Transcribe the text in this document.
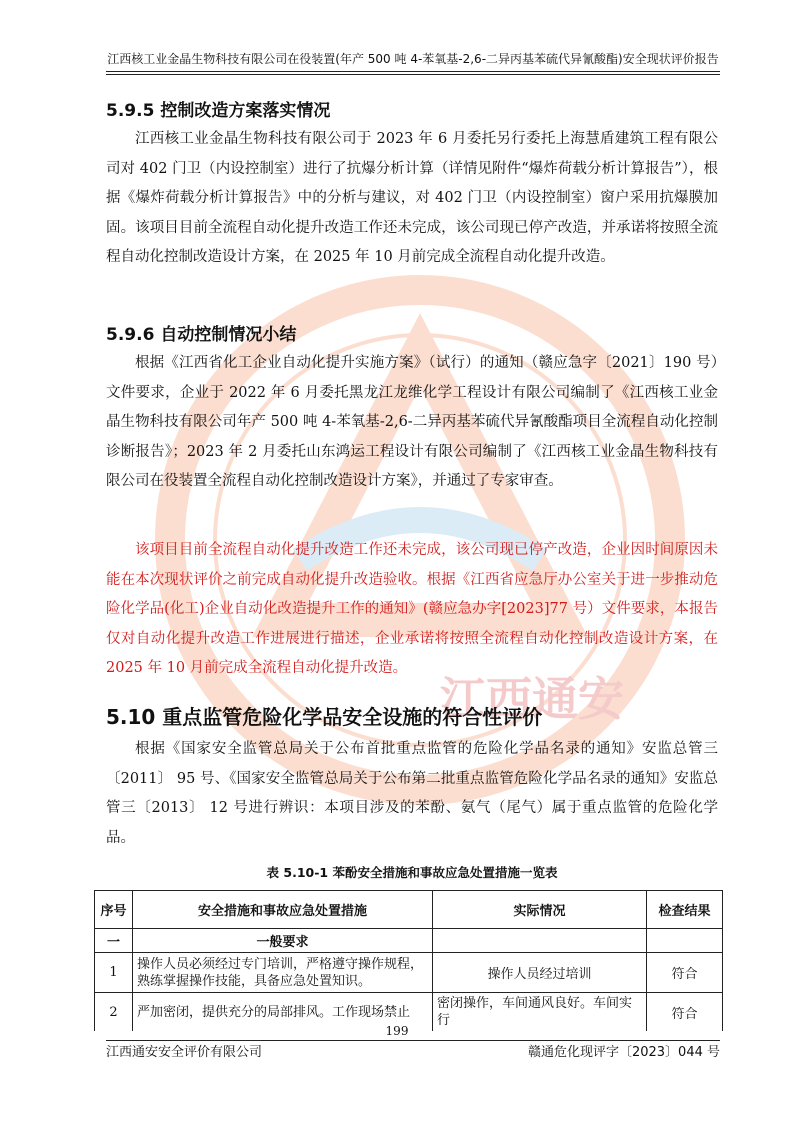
江西通安
江西核工业金晶生物科技有限公司在役装置(年产 500 吨 4-苯氧基-2,6-二异丙基苯硫代异氰酸酯)安全现状评价报告
5.9.5 控制改造方案落实情况

江西核工业金晶生物科技有限公司于 2023 年 6 月委托另行委托上海慧盾建筑工程有限公司对 402 门卫（内设控制室）进行了抗爆分析计算（详情见附件“爆炸荷载分析计算报告”），根据《爆炸荷载分析计算报告》中的分析与建议，对 402 门卫（内设控制室）窗户采用抗爆膜加固。该项目目前全流程自动化提升改造工作还未完成，该公司现已停产改造，并承诺将按照全流程自动化控制改造设计方案，在 2025 年 10 月前完成全流程自动化提升改造。

5.9.6 自动控制情况小结

根据《江西省化工企业自动化提升实施方案》（试行）的通知（赣应急字〔2021〕190 号）文件要求，企业于 2022 年 6 月委托黑龙江龙维化学工程设计有限公司编制了《江西核工业金晶生物科技有限公司年产 500 吨 4-苯氧基-2,6-二异丙基苯硫代异氰酸酯项目全流程自动化控制诊断报告》；2023 年 2 月委托山东鸿运工程设计有限公司编制了《江西核工业金晶生物科技有限公司在役装置全流程自动化控制改造设计方案》，并通过了专家审查。

该项目目前全流程自动化提升改造工作还未完成，该公司现已停产改造，企业因时间原因未能在本次现状评价之前完成自动化提升改造验收。根据《江西省应急厅办公室关于进一步推动危险化学品(化工)企业自动化改造提升工作的通知》(赣应急办字[2023]77 号）文件要求，本报告仅对自动化提升改造工作进展进行描述，企业承诺将按照全流程自动化控制改造设计方案，在 2025 年 10 月前完成全流程自动化提升改造。

5.10 重点监管危险化学品安全设施的符合性评价

根据《国家安全监管总局关于公布首批重点监管的危险化学品名录的通知》安监总管三〔2011〕 95 号、《国家安全监管总局关于公布第二批重点监管危险化学品名录的通知》安监总管三〔2013〕 12 号进行辨识：本项目涉及的苯酚、氨气（尾气）属于重点监管的危险化学品。

表 5.10-1 苯酚安全措施和事故应急处置措施一览表
序号	安全措施和事故应急处置措施	实际情况	检查结果
一	一般要求		
1	操作人员必须经过专门培训，严格遵守操作规程，熟练掌握操作技能，具备应急处置知识。	操作人员经过培训	符合
2	严加密闭，提供充分的局部排风。工作现场禁止	密闭操作，车间通风良好。车间实行	符合
199
江西通安安全评价有限公司	赣通危化现评字〔2023〕044 号
